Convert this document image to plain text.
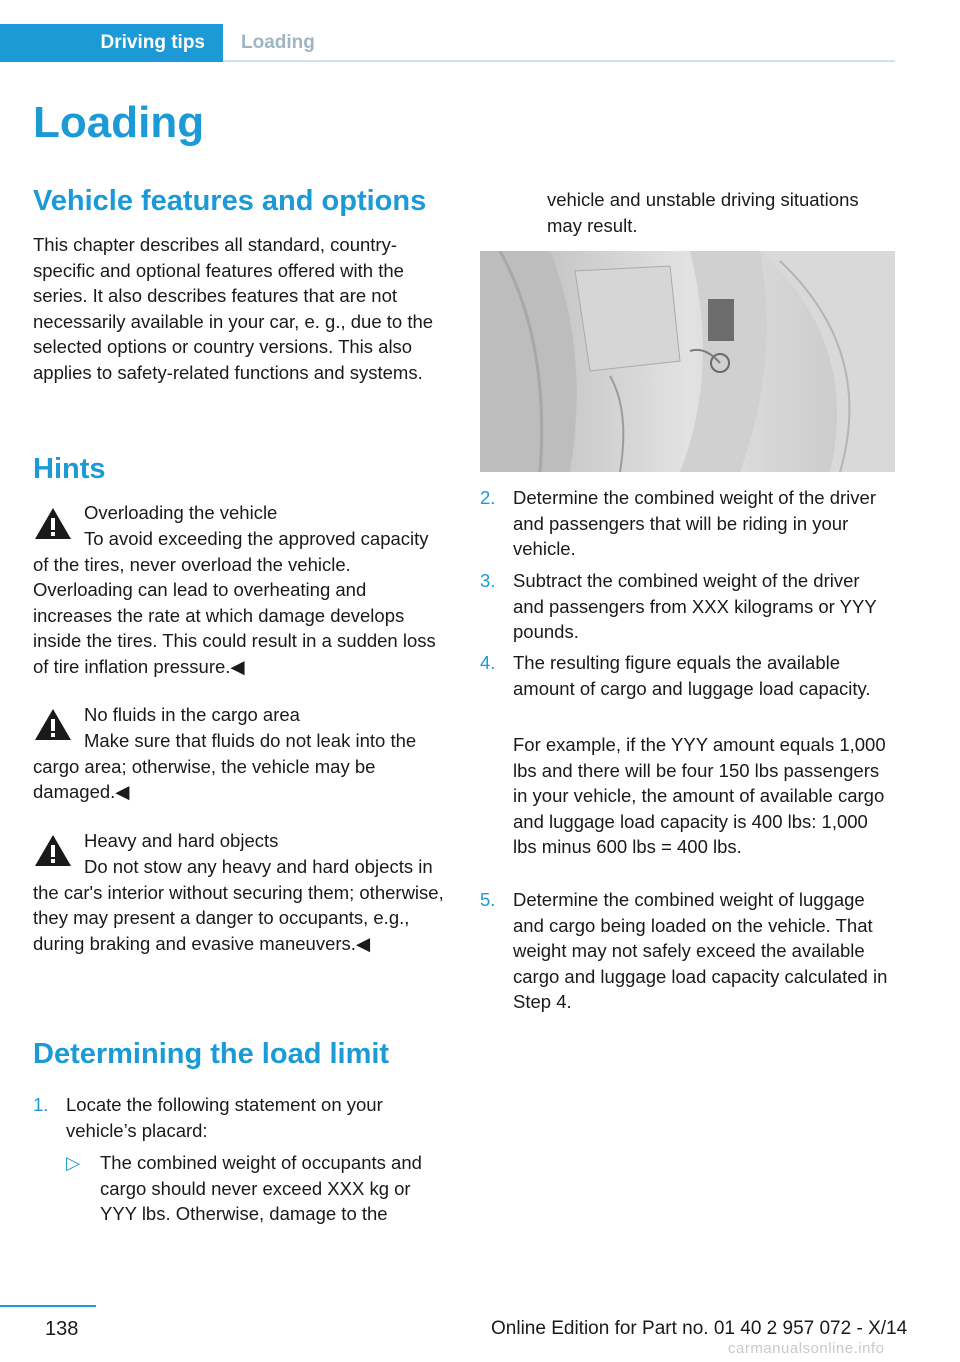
Driving tips	Loading
Loading
Vehicle features and options
This chapter describes all standard, country-specific and optional features offered with the series. It also describes features that are not necessarily available in your car, e. g., due to the selected options or country versions. This also applies to safety-related functions and systems.
Hints
Overloading the vehicle
To avoid exceeding the approved capacity of the tires, never overload the vehicle. Overloading can lead to overheating and increases the rate at which damage develops inside the tires. This could result in a sudden loss of tire inflation pressure.◀
No fluids in the cargo area
Make sure that fluids do not leak into the cargo area; otherwise, the vehicle may be damaged.◀
Heavy and hard objects
Do not stow any heavy and hard objects in the car's interior without securing them; otherwise, they may present a danger to occupants, e.g., during braking and evasive maneuvers.◀
Determining the load limit
1. Locate the following statement on your vehicle’s placard:
▷ The combined weight of occupants and cargo should never exceed XXX kg or YYY lbs. Otherwise, damage to the
vehicle and unstable driving situations may result.
2. Determine the combined weight of the driver and passengers that will be riding in your vehicle.
3. Subtract the combined weight of the driver and passengers from XXX kilograms or YYY pounds.
4. The resulting figure equals the available amount of cargo and luggage load capacity.
For example, if the YYY amount equals 1,000 lbs and there will be four 150 lbs passengers in your vehicle, the amount of available cargo and luggage load capacity is 400 lbs: 1,000 lbs minus 600 lbs = 400 lbs.
5. Determine the combined weight of luggage and cargo being loaded on the vehicle. That weight may not safely exceed the available cargo and luggage load capacity calculated in Step 4.
138	Online Edition for Part no. 01 40 2 957 072 - X/14
carmanualsonline.info
